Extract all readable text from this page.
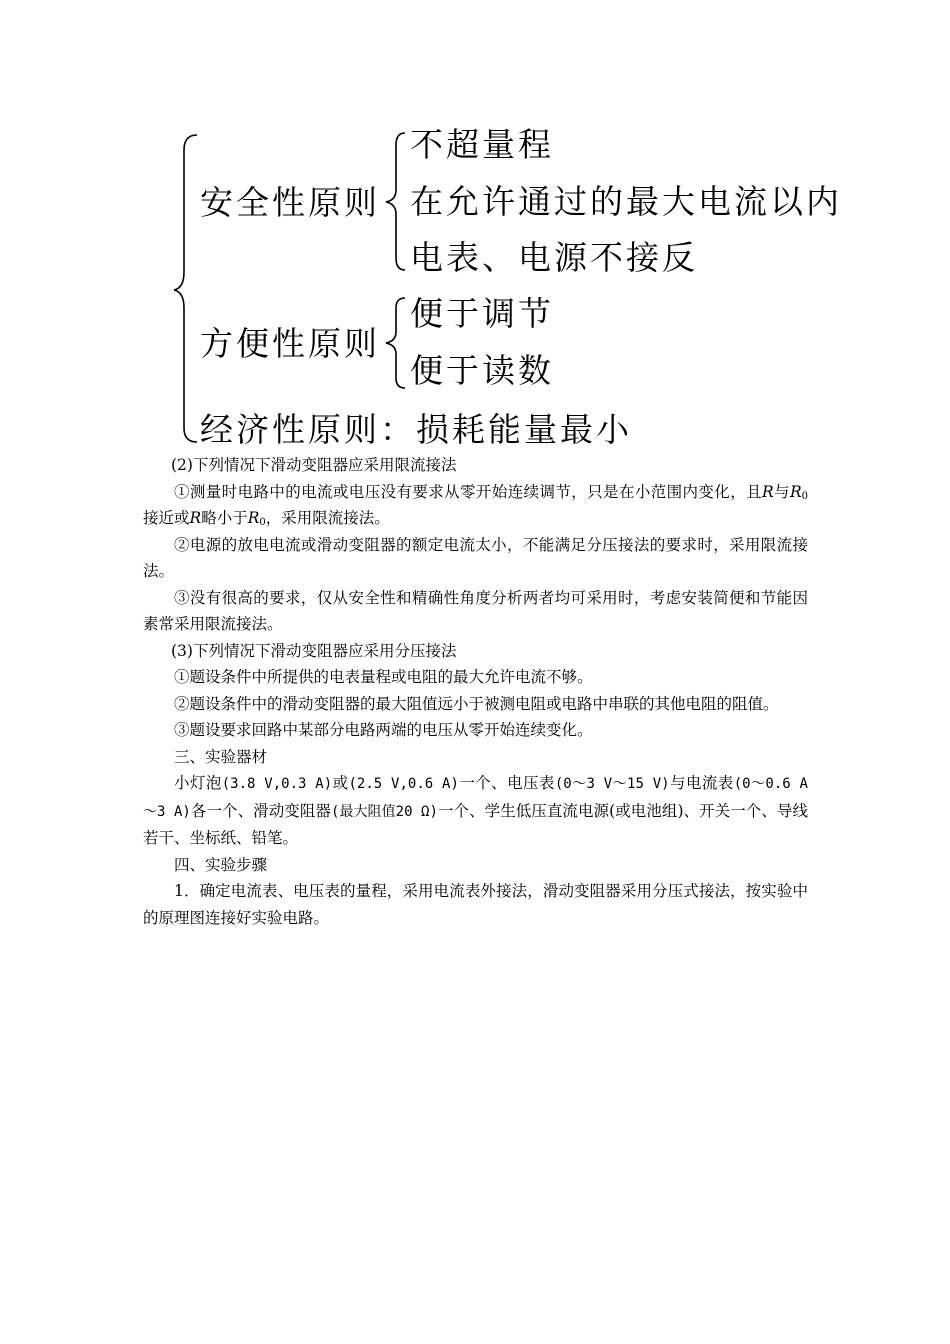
安全性原则
不超量程
在允许通过的最大电流以内
电表、电源不接反
方便性原则
便于调节
便于读数
经济性原则：损耗能量最小

(2)下列情况下滑动变阻器应采用限流接法

①测量时电路中的电流或电压没有要求从零开始连续调节，只是在小范围内变化，且R与$R_0$接近或R略小于$R_0$，采用限流接法。

②电源的放电电流或滑动变阻器的额定电流太小，不能满足分压接法的要求时，采用限流接法。

③没有很高的要求，仅从安全性和精确性角度分析两者均可采用时，考虑安装简便和节能因素常采用限流接法。

(3)下列情况下滑动变阻器应采用分压接法

①题设条件中所提供的电表量程或电阻的最大允许电流不够。

②题设条件中的滑动变阻器的最大阻值远小于被测电阻或电路中串联的其他电阻的阻值。

③题设要求回路中某部分电路两端的电压从零开始连续变化。

三、实验器材

小灯泡(3.8 V,0.3 A)或(2.5 V,0.6 A)一个、电压表(0～3 V～15 V)与电流表(0～0.6 A～3 A)各一个、滑动变阻器(最大阻值20 Ω)一个、学生低压直流电源(或电池组)、开关一个、导线若干、坐标纸、铅笔。

四、实验步骤

1．确定电流表、电压表的量程，采用电流表外接法，滑动变阻器采用分压式接法，按实验中的原理图连接好实验电路。
